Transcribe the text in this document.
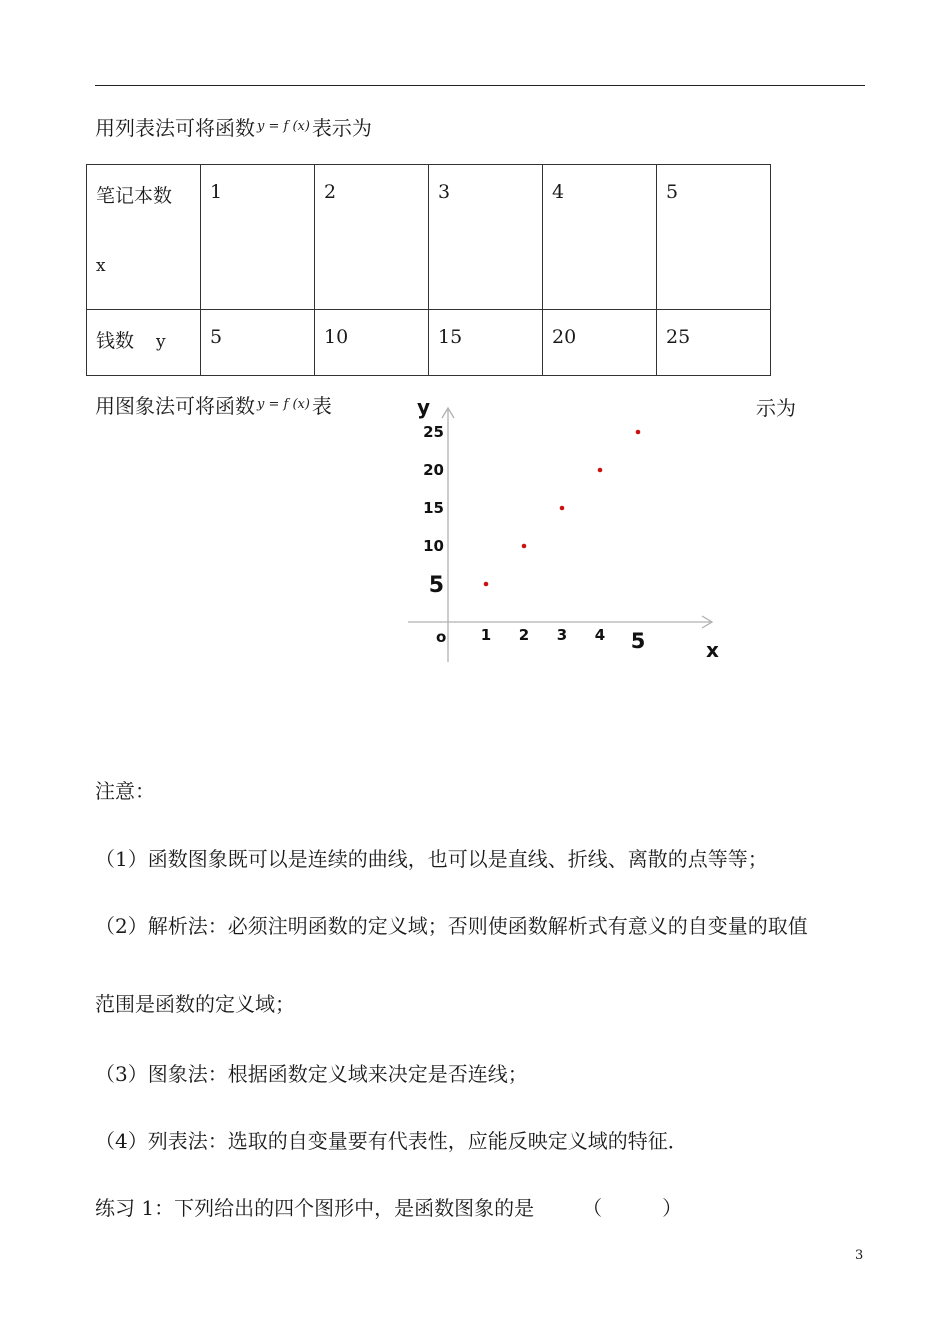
用列表法可将函数 $^{y = f (x)}$ 表示为
笔记本数
x	1	2	3	4	5
钱数 y	5	10	15	20	25
用图象法可将函数 $^{y = f (x)}$ 表	示为
y
x
o 1 2 3 4 5
5
10
15
20
25
注意：
（1）函数图象既可以是连续的曲线，也可以是直线、折线、离散的点等等；
（2）解析法：必须注明函数的定义域；否则使函数解析式有意义的自变量的取值
范围是函数的定义域；
（3）图象法：根据函数定义域来决定是否连线；
（4）列表法：选取的自变量要有代表性，应能反映定义域的特征．
练习 1：下列给出的四个图形中，是函数图象的是 （　　　）
3
